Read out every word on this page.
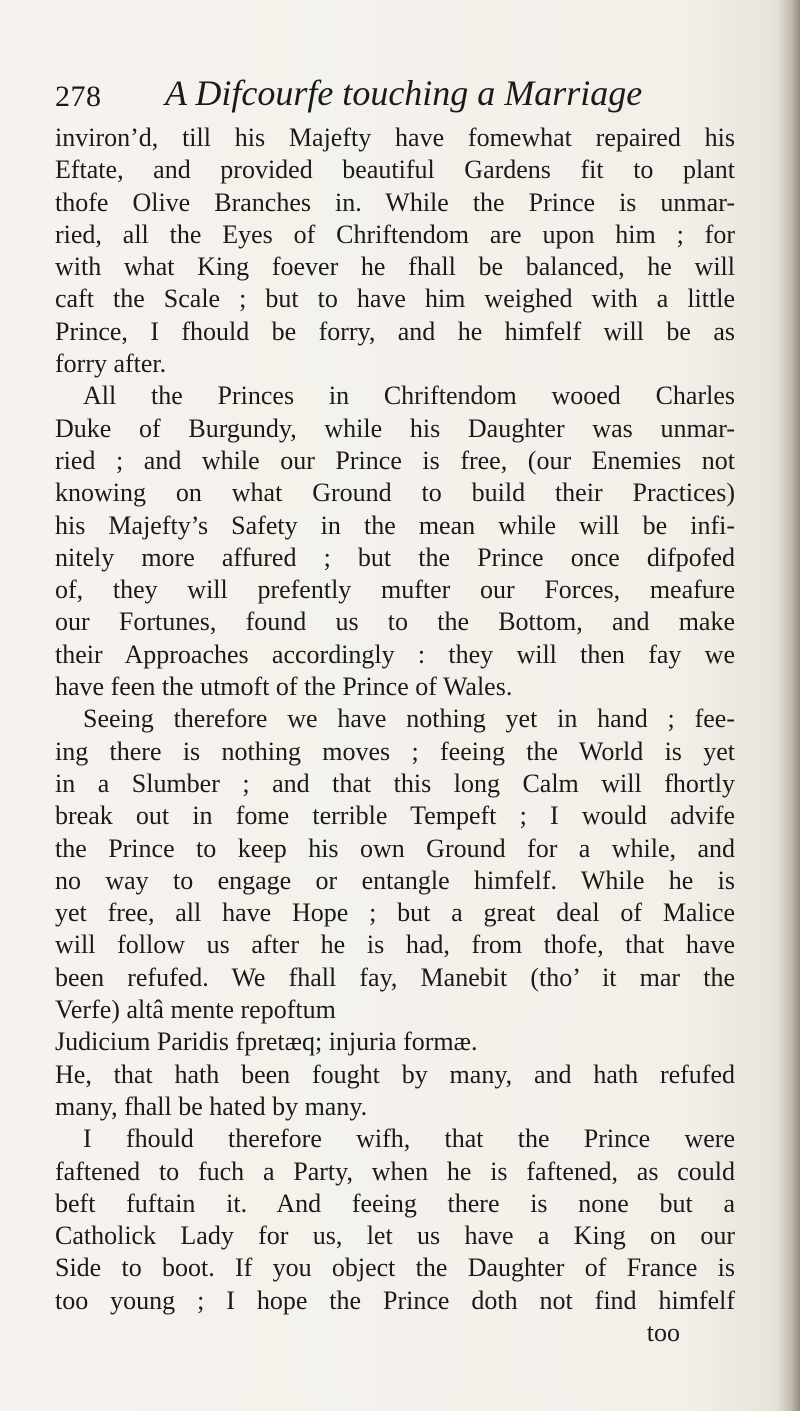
278 A Difcourfe touching a Marriage
inviron’d, till his Majefty have fomewhat repaired his
Eftate, and provided beautiful Gardens fit to plant
thofe Olive Branches in. While the Prince is unmar-
ried, all the Eyes of Chriftendom are upon him ; for
with what King foever he fhall be balanced, he will
caft the Scale ; but to have him weighed with a little
Prince, I fhould be forry, and he himfelf will be as
forry after.
All the Princes in Chriftendom wooed Charles
Duke of Burgundy, while his Daughter was unmar-
ried ; and while our Prince is free, (our Enemies not
knowing on what Ground to build their Practices)
his Majefty’s Safety in the mean while will be infi-
nitely more affured ; but the Prince once difpofed
of, they will prefently mufter our Forces, meafure
our Fortunes, found us to the Bottom, and make
their Approaches accordingly : they will then fay we
have feen the utmoft of the Prince of Wales.
Seeing therefore we have nothing yet in hand ; fee-
ing there is nothing moves ; feeing the World is yet
in a Slumber ; and that this long Calm will fhortly
break out in fome terrible Tempeft ; I would advife
the Prince to keep his own Ground for a while, and
no way to engage or entangle himfelf. While he is
yet free, all have Hope ; but a great deal of Malice
will follow us after he is had, from thofe, that have
been refufed. We fhall fay, Manebit (tho’ it mar the
Verfe) altâ mente repoftum
Judicium Paridis fpretæq; injuria formæ.
He, that hath been fought by many, and hath refufed
many, fhall be hated by many.
I fhould therefore wifh, that the Prince were
faftened to fuch a Party, when he is faftened, as could
beft fuftain it. And feeing there is none but a
Catholick Lady for us, let us have a King on our
Side to boot. If you object the Daughter of France is
too young ; I hope the Prince doth not find himfelf
too
